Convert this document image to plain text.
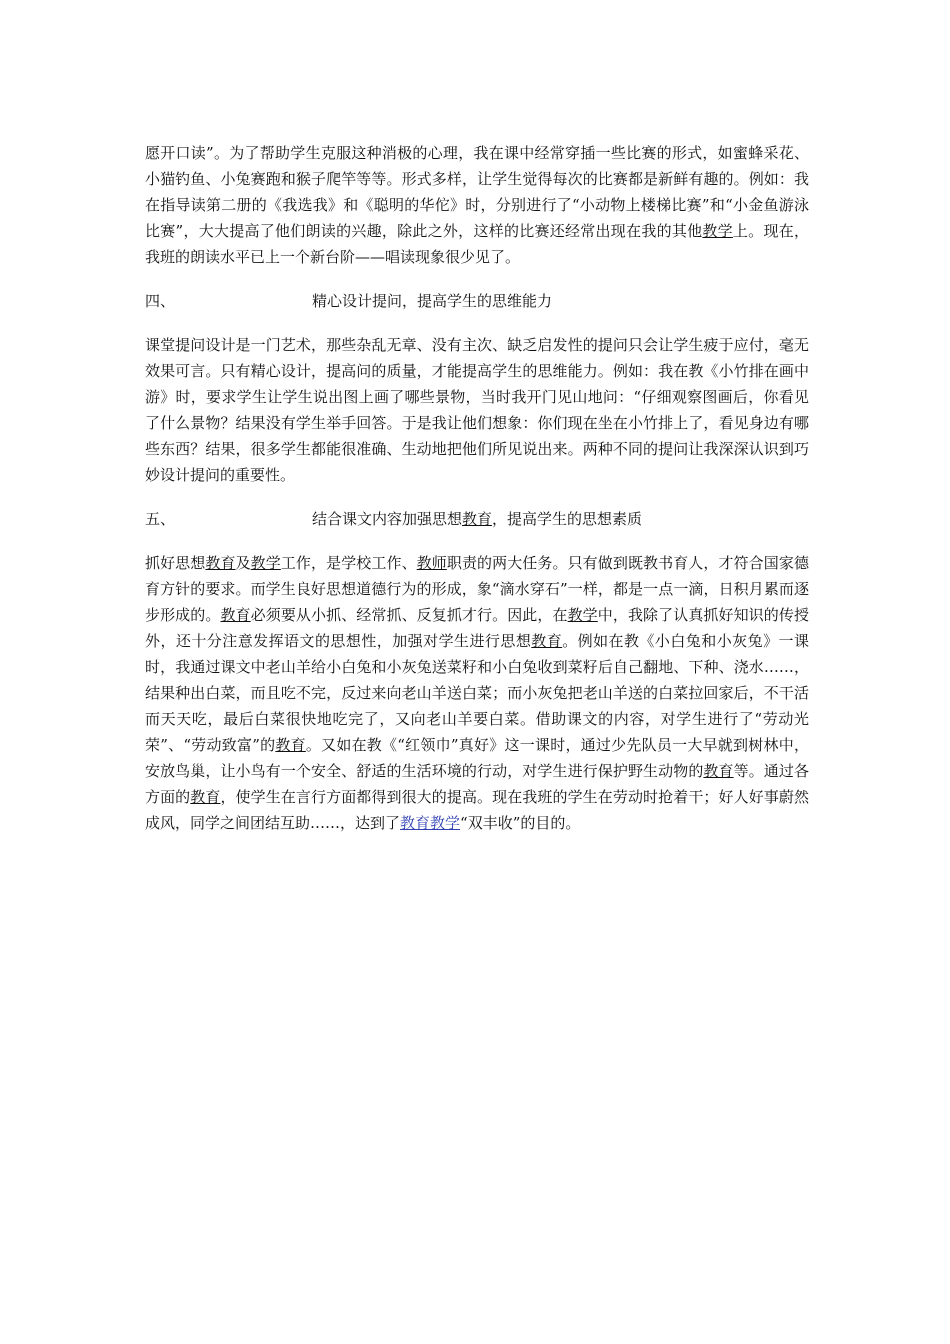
愿开口读”。为了帮助学生克服这种消极的心理，我在课中经常穿插一些比赛的形式，如蜜蜂采花、小猫钓鱼、小兔赛跑和猴子爬竿等等。形式多样，让学生觉得每次的比赛都是新鲜有趣的。例如：我在指导读第二册的《我选我》和《聪明的华佗》时，分别进行了“小动物上楼梯比赛”和“小金鱼游泳比赛”，大大提高了他们朗读的兴趣，除此之外，这样的比赛还经常出现在我的其他教学上。现在，我班的朗读水平已上一个新台阶——唱读现象很少见了。

四、	精心设计提问，提高学生的思维能力

课堂提问设计是一门艺术，那些杂乱无章、没有主次、缺乏启发性的提问只会让学生疲于应付，毫无效果可言。只有精心设计，提高问的质量，才能提高学生的思维能力。例如：我在教《小竹排在画中游》时，要求学生让学生说出图上画了哪些景物，当时我开门见山地问：“仔细观察图画后，你看见了什么景物？结果没有学生举手回答。于是我让他们想象：你们现在坐在小竹排上了，看见身边有哪些东西？结果，很多学生都能很准确、生动地把他们所见说出来。两种不同的提问让我深深认识到巧妙设计提问的重要性。

五、	结合课文内容加强思想教育，提高学生的思想素质

抓好思想教育及教学工作，是学校工作、教师职责的两大任务。只有做到既教书育人，才符合国家德育方针的要求。而学生良好思想道德行为的形成，象“滴水穿石”一样，都是一点一滴，日积月累而逐步形成的。教育必须要从小抓、经常抓、反复抓才行。因此，在教学中，我除了认真抓好知识的传授外，还十分注意发挥语文的思想性，加强对学生进行思想教育。例如在教《小白兔和小灰兔》一课时，我通过课文中老山羊给小白兔和小灰兔送菜籽和小白兔收到菜籽后自己翻地、下种、浇水……，结果种出白菜，而且吃不完，反过来向老山羊送白菜；而小灰兔把老山羊送的白菜拉回家后，不干活而天天吃，最后白菜很快地吃完了，又向老山羊要白菜。借助课文的内容，对学生进行了“劳动光荣”、“劳动致富”的教育。又如在教《“红领巾”真好》这一课时，通过少先队员一大早就到树林中，安放鸟巢，让小鸟有一个安全、舒适的生活环境的行动，对学生进行保护野生动物的教育等。通过各方面的教育，使学生在言行方面都得到很大的提高。现在我班的学生在劳动时抢着干；好人好事蔚然成风，同学之间团结互助……，达到了教育教学“双丰收”的目的。
